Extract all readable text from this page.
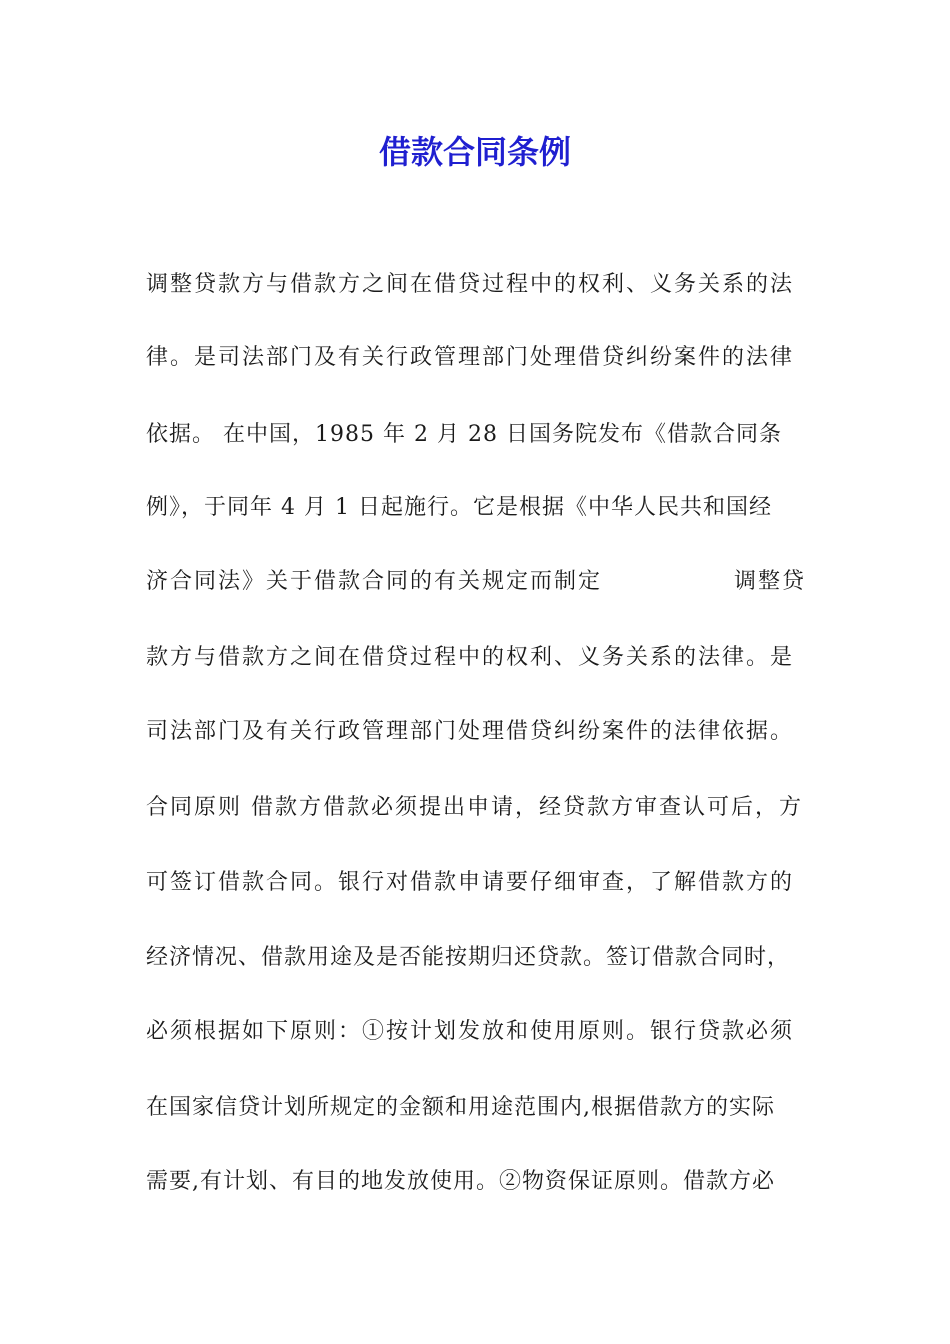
借款合同条例
调整贷款方与借款方之间在借贷过程中的权利、义务关系的法
律。是司法部门及有关行政管理部门处理借贷纠纷案件的法律
依据。 在中国，1985 年 2 月 28 日国务院发布《借款合同条
例》，于同年 4 月 1 日起施行。它是根据《中华人民共和国经
济合同法》关于借款合同的有关规定而制定	调整贷
款方与借款方之间在借贷过程中的权利、义务关系的法律。是
司法部门及有关行政管理部门处理借贷纠纷案件的法律依据。
合同原则 借款方借款必须提出申请，经贷款方审查认可后，方
可签订借款合同。银行对借款申请要仔细审查，了解借款方的
经济情况、借款用途及是否能按期归还贷款。签订借款合同时，
必须根据如下原则：①按计划发放和使用原则。银行贷款必须
在国家信贷计划所规定的金额和用途范围内,根据借款方的实际
需要,有计划、有目的地发放使用。②物资保证原则。借款方必
